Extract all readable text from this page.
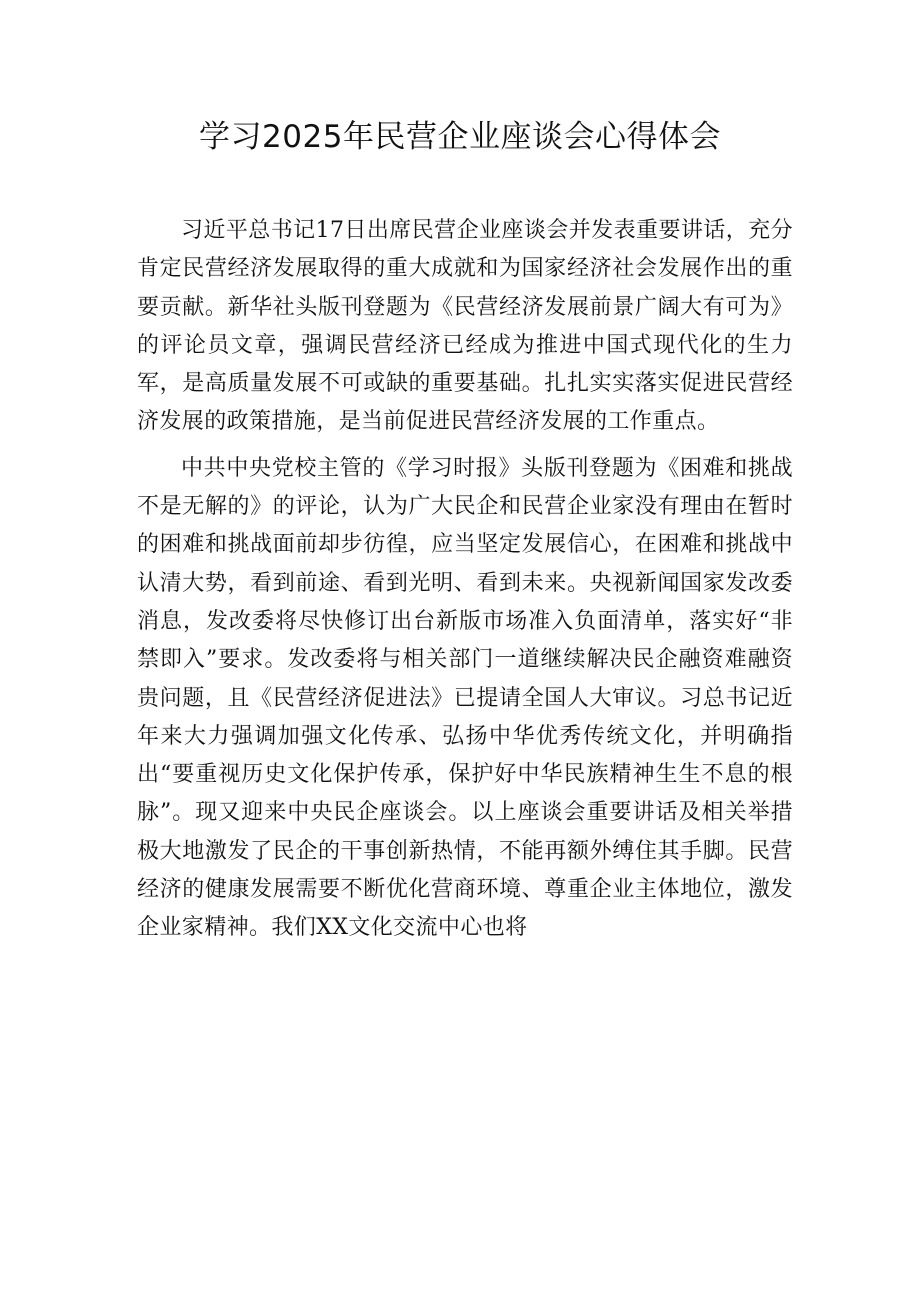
学习2025年民营企业座谈会心得体会

习近平总书记17日出席民营企业座谈会并发表重要讲话，充分肯定民营经济发展取得的重大成就和为国家经济社会发展作出的重要贡献。新华社头版刊登题为《民营经济发展前景广阔大有可为》的评论员文章，强调民营经济已经成为推进中国式现代化的生力军，是高质量发展不可或缺的重要基础。扎扎实实落实促进民营经济发展的政策措施，是当前促进民营经济发展的工作重点。

中共中央党校主管的《学习时报》头版刊登题为《困难和挑战不是无解的》的评论，认为广大民企和民营企业家没有理由在暂时的困难和挑战面前却步彷徨，应当坚定发展信心，在困难和挑战中认清大势，看到前途、看到光明、看到未来。央视新闻国家发改委消息，发改委将尽快修订出台新版市场准入负面清单，落实好“非禁即入”要求。发改委将与相关部门一道继续解决民企融资难融资贵问题，且《民营经济促进法》已提请全国人大审议。习总书记近年来大力强调加强文化传承、弘扬中华优秀传统文化，并明确指出“要重视历史文化保护传承，保护好中华民族精神生生不息的根脉”。现又迎来中央民企座谈会。以上座谈会重要讲话及相关举措极大地激发了民企的干事创新热情，不能再额外缚住其手脚。民营经济的健康发展需要不断优化营商环境、尊重企业主体地位，激发企业家精神。我们XX文化交流中心也将
